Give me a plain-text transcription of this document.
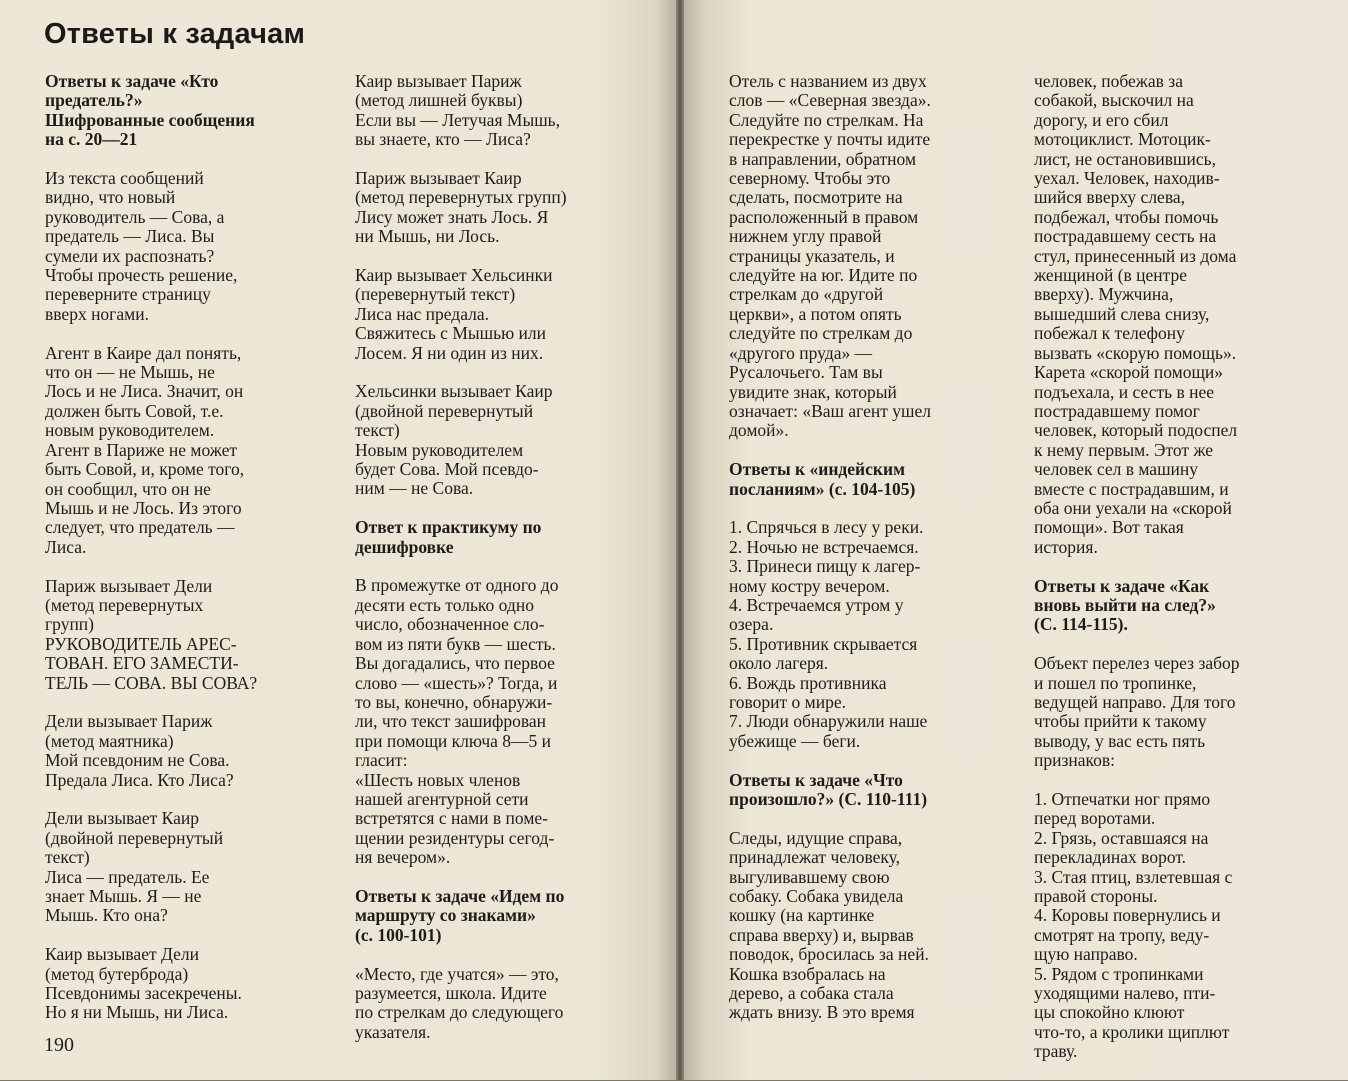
Ответы к задачам
Ответы к задаче «Кто
предатель?»
Шифрованные сообщения
на с. 20—21

Из текста сообщений
видно, что новый
руководитель — Сова, а
предатель — Лиса. Вы
сумели их распознать?
Чтобы прочесть решение,
переверните страницу
вверх ногами.

Агент в Каире дал понять,
что он — не Мышь, не
Лось и не Лиса. Значит, он
должен быть Совой, т.е.
новым руководителем.
Агент в Париже не может
быть Совой, и, кроме того,
он сообщил, что он не
Мышь и не Лось. Из этого
следует, что предатель —
Лиса.

Париж вызывает Дели
(метод перевернутых
групп)
РУКОВОДИТЕЛЬ АРЕС-
ТОВАН. ЕГО ЗАМЕСТИ-
ТЕЛЬ — СОВА. ВЫ СОВА?

Дели вызывает Париж
(метод маятника)
Мой псевдоним не Сова.
Предала Лиса. Кто Лиса?

Дели вызывает Каир
(двойной перевернутый
текст)
Лиса — предатель. Ее
знает Мышь. Я — не
Мышь. Кто она?

Каир вызывает Дели
(метод бутерброда)
Псевдонимы засекречены.
Но я ни Мышь, ни Лиса.

Каир вызывает Париж
(метод лишней буквы)
Если вы — Летучая Мышь,
вы знаете, кто — Лиса?

Париж вызывает Каир
(метод перевернутых групп)
Лису может знать Лось. Я
ни Мышь, ни Лось.

Каир вызывает Хельсинки
(перевернутый текст)
Лиса нас предала.
Свяжитесь с Мышью или
Лосем. Я ни один из них.

Хельсинки вызывает Каир
(двойной перевернутый
текст)
Новым руководителем
будет Сова. Мой псевдо-
ним — не Сова.

Ответ к практикуму по
дешифровке

В промежутке от одного до
десяти есть только одно
число, обозначенное сло-
вом из пяти букв — шесть.
Вы догадались, что первое
слово — «шесть»? Тогда, и
то вы, конечно, обнаружи-
ли, что текст зашифрован
при помощи ключа 8—5 и
гласит:
«Шесть новых членов
нашей агентурной сети
встретятся с нами в поме-
щении резидентуры сегод-
ня вечером».

Ответы к задаче «Идем по
маршруту со знаками»
(с. 100-101)

«Место, где учатся» — это,
разумеется, школа. Идите
по стрелкам до следующего
указателя.

190

Отель с названием из двух
слов — «Северная звезда».
Следуйте по стрелкам. На
перекрестке у почты идите
в направлении, обратном
северному. Чтобы это
сделать, посмотрите на
расположенный в правом
нижнем углу правой
страницы указатель, и
следуйте на юг. Идите по
стрелкам до «другой
церкви», а потом опять
следуйте по стрелкам до
«другого пруда» —
Русалочьего. Там вы
увидите знак, который
означает: «Ваш агент ушел
домой».

Ответы к «индейским
посланиям» (с. 104-105)
1. Спрячься в лесу у реки.
2. Ночью не встречаемся.
3. Принеси пищу к лагер-
ному костру вечером.
4. Встречаемся утром у
озера.
5. Противник скрывается
около лагеря.
6. Вождь противника
говорит о мире.
7. Люди обнаружили наше
убежище — беги.
Ответы к задаче «Что
произошло?» (С. 110-111)

Следы, идущие справа,
принадлежат человеку,
выгуливавшему свою
собаку. Собака увидела
кошку (на картинке
справа вверху) и, вырвав
поводок, бросилась за ней.
Кошка взобралась на
дерево, а собака стала
ждать внизу. В это время

человек, побежав за
собакой, выскочил на
дорогу, и его сбил
мотоциклист. Мотоцик-
лист, не остановившись,
уехал. Человек, находив-
шийся вверху слева,
подбежал, чтобы помочь
пострадавшему сесть на
стул, принесенный из дома
женщиной (в центре
вверху). Мужчина,
вышедший слева снизу,
побежал к телефону
вызвать «скорую помощь».
Карета «скорой помощи»
подъехала, и сесть в нее
пострадавшему помог
человек, который подоспел
к нему первым. Этот же
человек сел в машину
вместе с пострадавшим, и
оба они уехали на «скорой
помощи». Вот такая
история.

Ответы к задаче «Как
вновь выйти на след?»
(С. 114-115).

Объект перелез через забор
и пошел по тропинке,
ведущей направо. Для того
чтобы прийти к такому
выводу, у вас есть пять
признаков:

1. Отпечатки ног прямо
перед воротами.
2. Грязь, оставшаяся на
перекладинах ворот.
3. Стая птиц, взлетевшая с
правой стороны.
4. Коровы повернулись и
смотрят на тропу, веду-
щую направо.
5. Рядом с тропинками
уходящими налево, пти-
цы спокойно клюют
что-то, а кролики щиплют
траву.
